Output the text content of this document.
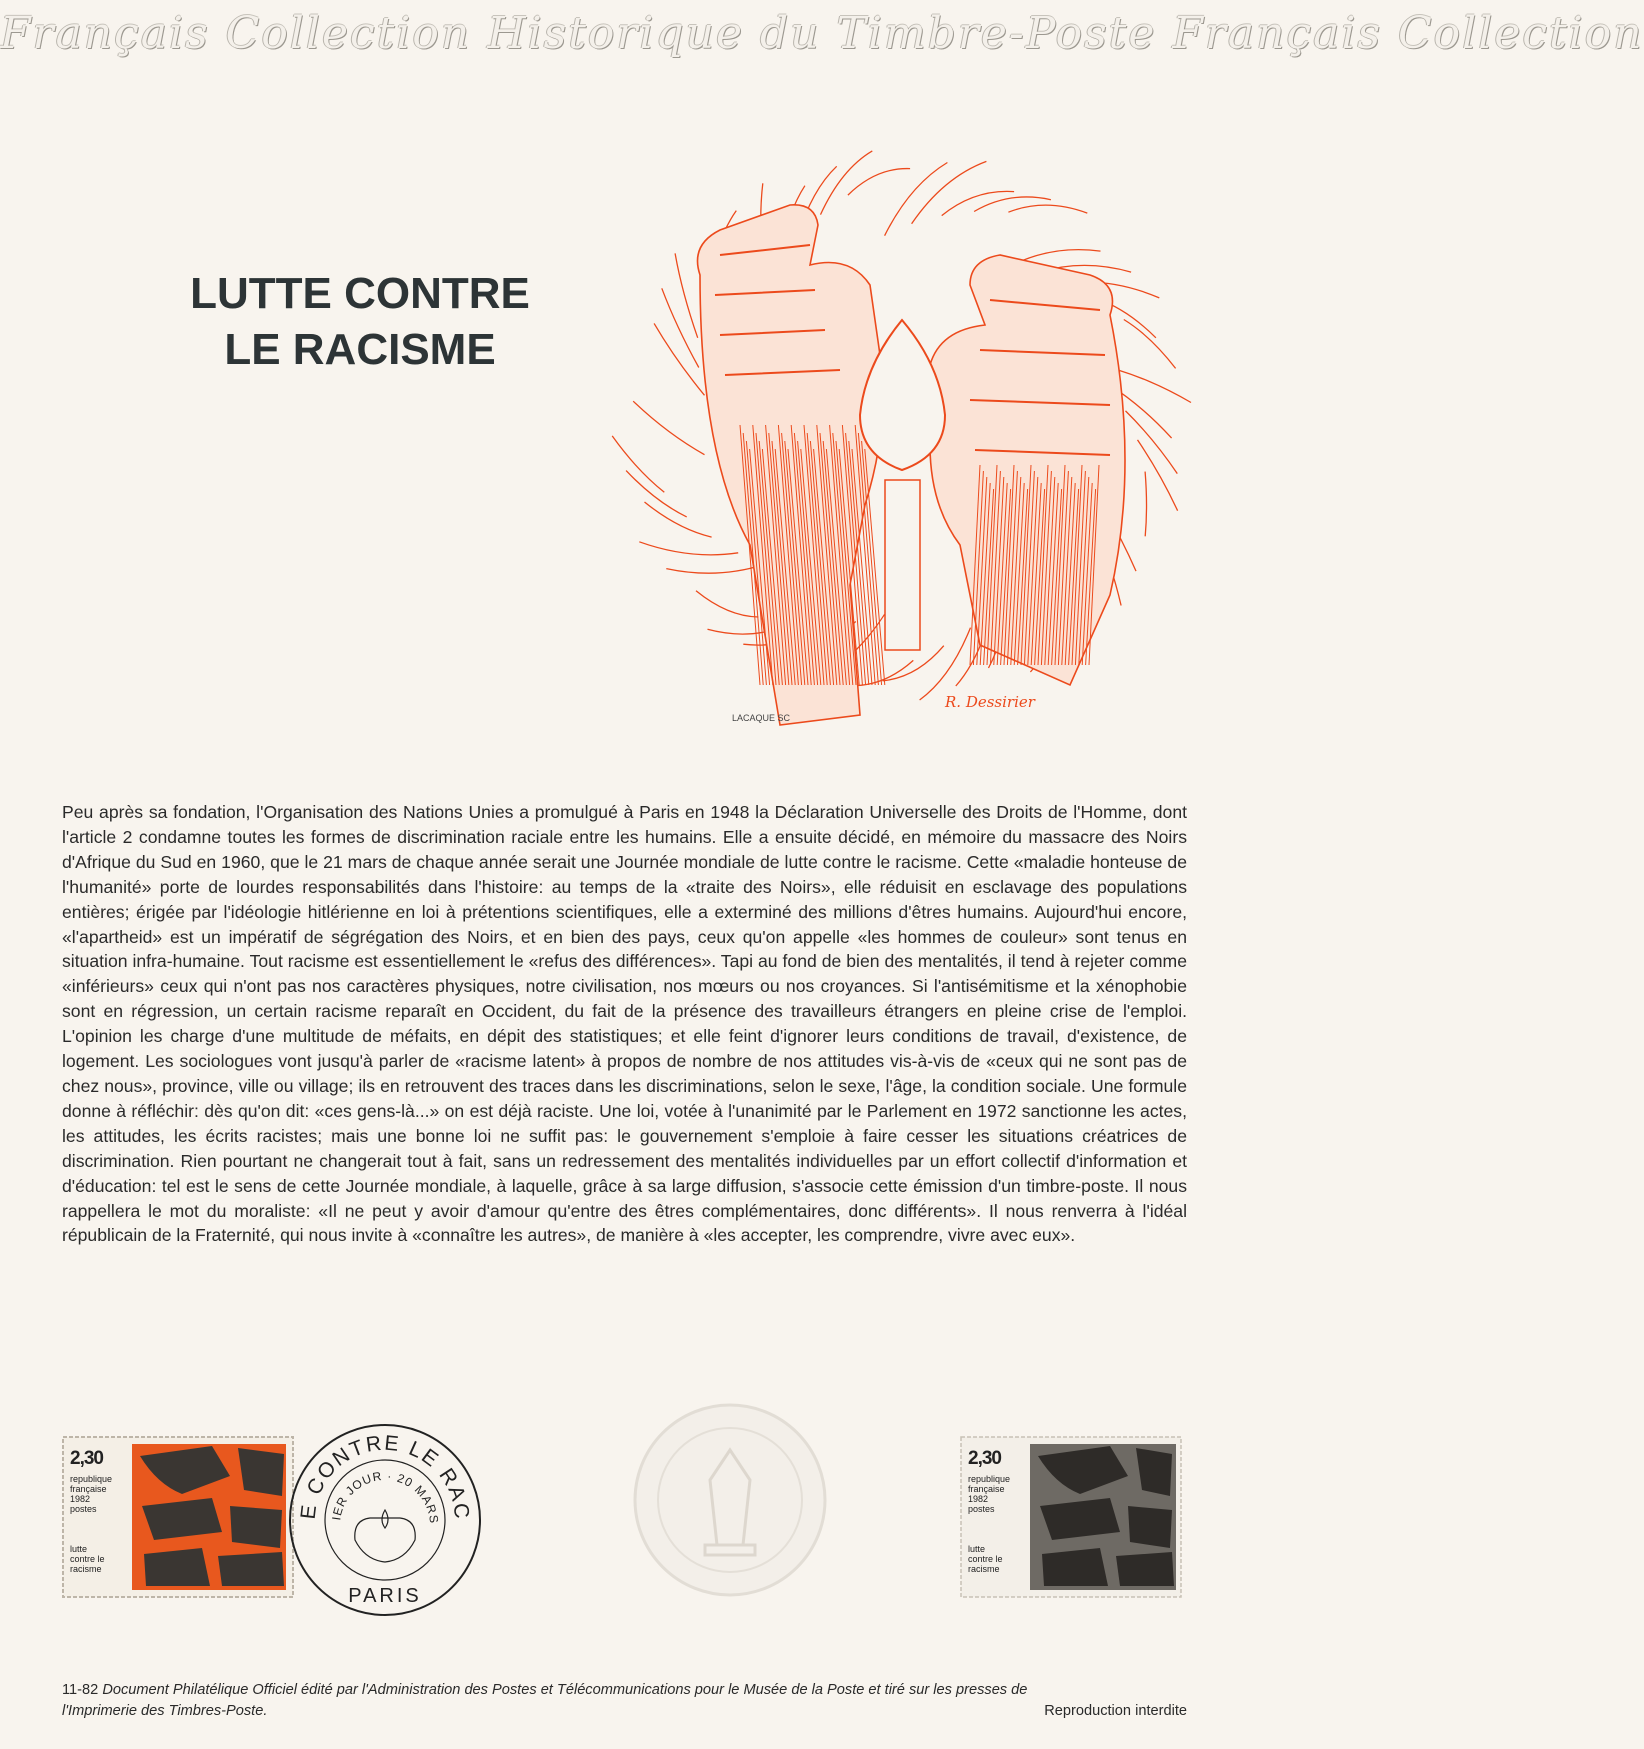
Français Collection Historique du Timbre-Poste Français Collection
LUTTE CONTRE
LE RACISME
LACAQUE SC
R. Dessirier

Peu après sa fondation, l'Organisation des Nations Unies a promulgué à Paris en 1948 la Déclaration Universelle des Droits de l'Homme, dont l'article 2 condamne toutes les formes de discrimination raciale entre les humains. Elle a ensuite décidé, en mémoire du massacre des Noirs d'Afrique du Sud en 1960, que le 21 mars de chaque année serait une Journée mondiale de lutte contre le racisme. Cette «maladie honteuse de l'humanité» porte de lourdes responsabilités dans l'histoire: au temps de la «traite des Noirs», elle réduisit en esclavage des populations entières; érigée par l'idéologie hitlérienne en loi à prétentions scientifiques, elle a exterminé des millions d'êtres humains. Aujourd'hui encore, «l'apartheid» est un impératif de ségrégation des Noirs, et en bien des pays, ceux qu'on appelle «les hommes de couleur» sont tenus en situation infra-humaine. Tout racisme est essentiellement le «refus des différences». Tapi au fond de bien des mentalités, il tend à rejeter comme «inférieurs» ceux qui n'ont pas nos caractères physiques, notre civilisation, nos mœurs ou nos croyances. Si l'antisémitisme et la xénophobie sont en régression, un certain racisme reparaît en Occident, du fait de la présence des travailleurs étrangers en pleine crise de l'emploi. L'opinion les charge d'une multitude de méfaits, en dépit des statistiques; et elle feint d'ignorer leurs conditions de travail, d'existence, de logement. Les sociologues vont jusqu'à parler de «racisme latent» à propos de nombre de nos attitudes vis-à-vis de «ceux qui ne sont pas de chez nous», province, ville ou village; ils en retrouvent des traces dans les discriminations, selon le sexe, l'âge, la condition sociale. Une formule donne à réfléchir: dès qu'on dit: «ces gens-là...» on est déjà raciste. Une loi, votée à l'unanimité par le Parlement en 1972 sanctionne les actes, les attitudes, les écrits racistes; mais une bonne loi ne suffit pas: le gouvernement s'emploie à faire cesser les situations créatrices de discrimination. Rien pourtant ne changerait tout à fait, sans un redressement des mentalités individuelles par un effort collectif d'information et d'éducation: tel est le sens de cette Journée mondiale, à laquelle, grâce à sa large diffusion, s'associe cette émission d'un timbre-poste. Il nous rappellera le mot du moraliste: «Il ne peut y avoir d'amour qu'entre des êtres complémentaires, donc différents». Il nous renverra à l'idéal républicain de la Fraternité, qui nous invite à «connaître les autres», de manière à «les accepter, les comprendre, vivre avec eux».

2,30
republique
française
1982
postes
lutte
contre le
racisme
E CONTRE LE RAC
IER JOUR · 20 MARS
PARIS
2,30
republique
française
1982
postes
lutte
contre le
racisme
11-82 Document Philatélique Officiel édité par l'Administration des Postes et Télécommunications pour le Musée de la Poste et tiré sur les presses de
l'Imprimerie des Timbres-Poste.	Reproduction interdite
